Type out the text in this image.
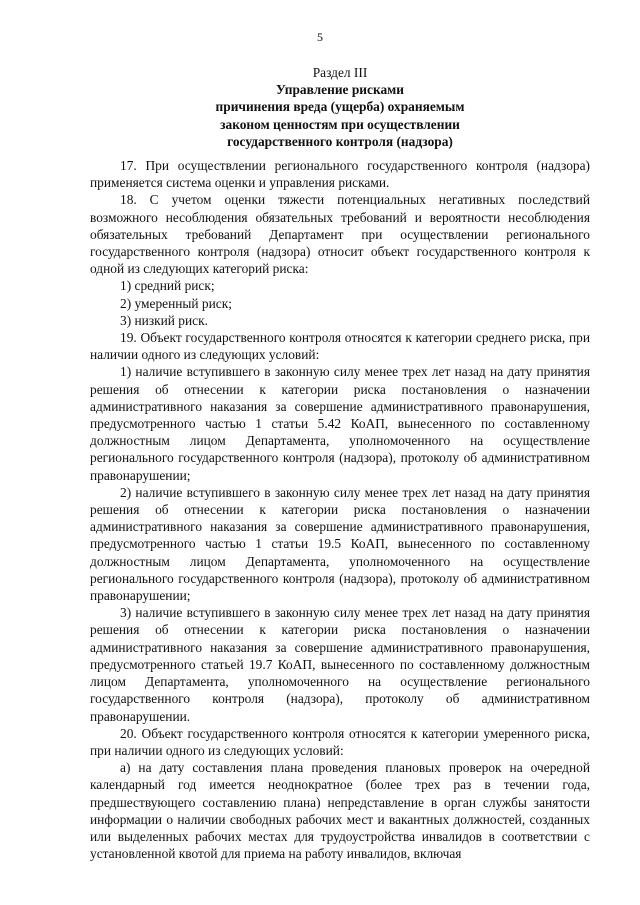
5
Раздел III
Управление рисками
причинения вреда (ущерба) охраняемым
законом ценностям при осуществлении
государственного контроля (надзора)

17. При осуществлении регионального государственного контроля (надзора) применяется система оценки и управления рисками.

18. С учетом оценки тяжести потенциальных негативных последствий возможного несоблюдения обязательных требований и вероятности несоблюдения обязательных требований Департамент при осуществлении регионального государственного контроля (надзора) относит объект государственного контроля к одной из следующих категорий риска:

1) средний риск;

2) умеренный риск;

3) низкий риск.

19. Объект государственного контроля относятся к категории среднего риска, при наличии одного из следующих условий:

1) наличие вступившего в законную силу менее трех лет назад на дату принятия решения об отнесении к категории риска постановления о назначении административного наказания за совершение административного правонарушения, предусмотренного частью 1 статьи 5.42 КоАП, вынесенного по составленному должностным лицом Департамента, уполномоченного на осуществление регионального государственного контроля (надзора), протоколу об административном правонарушении;

2) наличие вступившего в законную силу менее трех лет назад на дату принятия решения об отнесении к категории риска постановления о назначении административного наказания за совершение административного правонарушения, предусмотренного частью 1 статьи 19.5 КоАП, вынесенного по составленному должностным лицом Департамента, уполномоченного на осуществление регионального государственного контроля (надзора), протоколу об административном правонарушении;

3) наличие вступившего в законную силу менее трех лет назад на дату принятия решения об отнесении к категории риска постановления о назначении административного наказания за совершение административного правонарушения, предусмотренного статьей 19.7 КоАП, вынесенного по составленному должностным лицом Департамента, уполномоченного на осуществление регионального государственного контроля (надзора), протоколу об административном правонарушении.

20. Объект государственного контроля относятся к категории умеренного риска, при наличии одного из следующих условий:

а) на дату составления плана проведения плановых проверок на очередной календарный год имеется неоднократное (более трех раз в течении года, предшествующего составлению плана) непредставление в орган службы занятости информации о наличии свободных рабочих мест и вакантных должностей, созданных или выделенных рабочих местах для трудоустройства инвалидов в соответствии с установленной квотой для приема на работу инвалидов, включая
